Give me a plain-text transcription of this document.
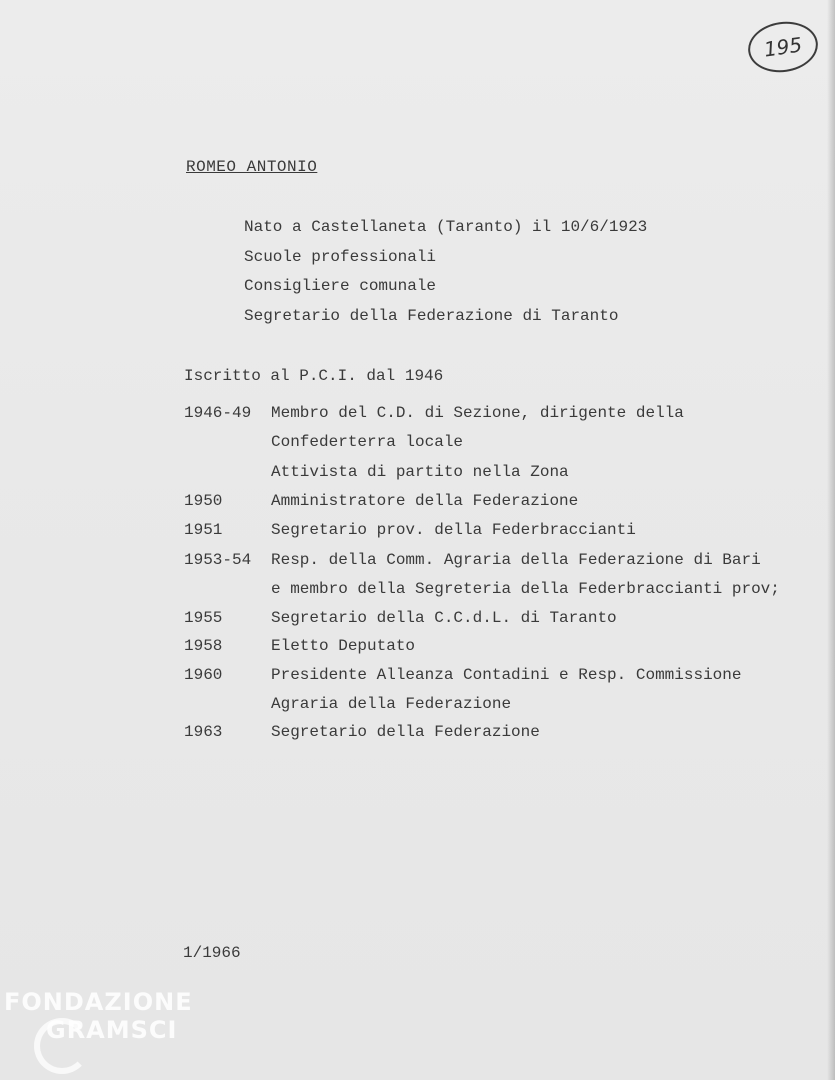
195
ROMEO ANTONIO
Nato a Castellaneta (Taranto) il 10/6/1923
Scuole professionali
Consigliere comunale
Segretario della Federazione di Taranto
Iscritto al P.C.I. dal 1946
1946-49	Membro del C.D. di Sezione, dirigente della
Confederterra locale
Attivista di partito nella Zona
1950	Amministratore della Federazione
1951	Segretario prov. della Federbraccianti
1953-54	Resp. della Comm. Agraria della Federazione di Bari
e membro della Segreteria della Federbraccianti prov;
1955	Segretario della C.C.d.L. di Taranto
1958	Eletto Deputato
1960	Presidente Alleanza Contadini e Resp. Commissione
Agraria della Federazione
1963	Segretario della Federazione
1/1966
FONDAZIONE
GRAMSCI
